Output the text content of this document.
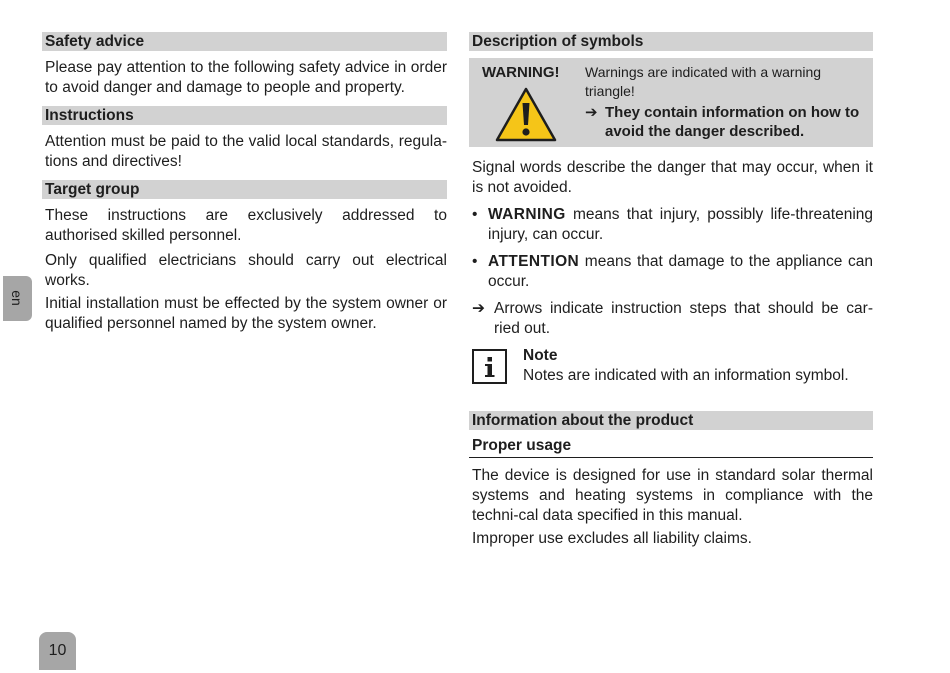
en
Safety advice

Please pay attention to the following safety advice in order to avoid danger and damage to people and property.

Instructions

Attention must be paid to the valid local standards, regula-tions and directives!

Target group

These instructions are exclusively addressed to authorised skilled personnel.

Only qualified electricians should carry out electrical works.

Initial installation must be effected by the system owner or qualified personnel named by the system owner.

Description of symbols
WARNING! Warnings are indicated with a warning triangle!
➔ They contain information on how to avoid the danger described.

Signal words describe the danger that may occur, when it is not avoided.

• WARNING means that injury, possibly life-threatening injury, can occur.
• ATTENTION means that damage to the appliance can occur.
➔ Arrows indicate instruction steps that should be car-ried out.
Note
Notes are indicated with an information symbol.
Information about the product
Proper usage

The device is designed for use in standard solar thermal systems and heating systems in compliance with the techni-cal data specified in this manual.

Improper use excludes all liability claims.

10
